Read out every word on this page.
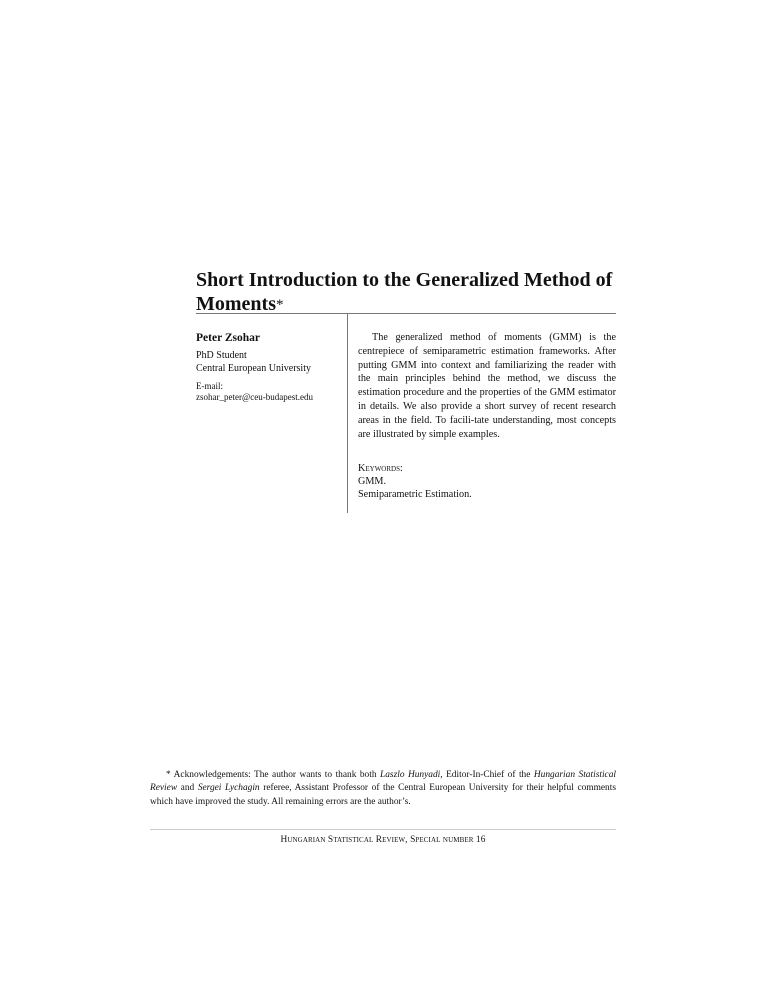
Short Introduction to the Generalized Method of Moments*
Peter Zsohar
PhD Student
Central European University
E-mail:
zsohar_peter@ceu-budapest.edu

The generalized method of moments (GMM) is the centrepiece of semiparametric estimation frameworks. After putting GMM into context and familiarizing the reader with the main principles behind the method, we discuss the estimation procedure and the properties of the GMM estimator in details. We also provide a short survey of recent research areas in the field. To facili-tate understanding, most concepts are illustrated by simple examples.

Keywords:
GMM.
Semiparametric Estimation.

* Acknowledgements: The author wants to thank both Laszlo Hunyadi, Editor-In-Chief of the Hungarian Statistical Review and Sergei Lychagin referee, Assistant Professor of the Central European University for their helpful comments which have improved the study. All remaining errors are the author’s.

Hungarian Statistical Review, Special number 16
